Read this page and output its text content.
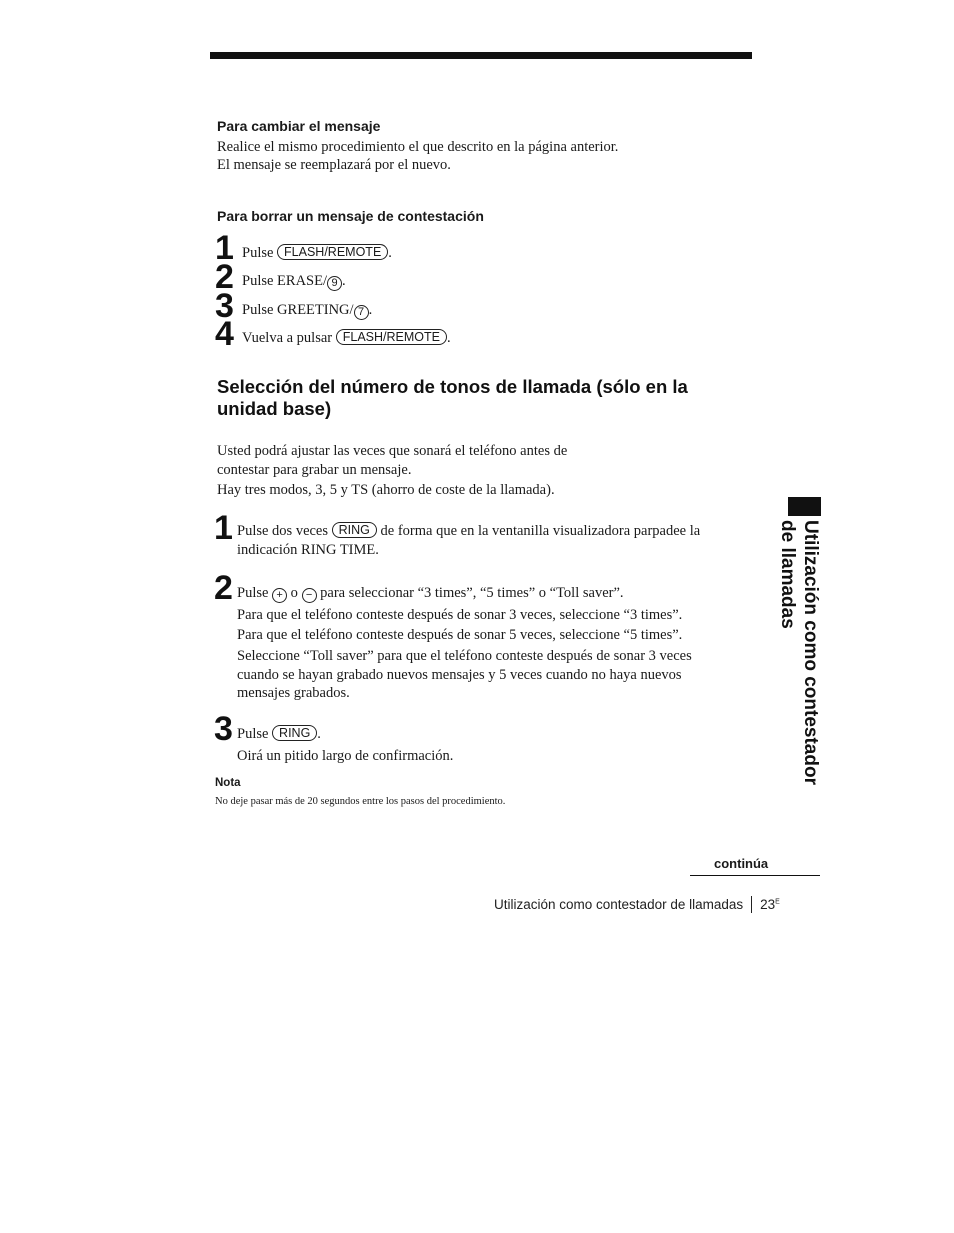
Para cambiar el mensaje
Realice el mismo procedimiento el que descrito en la página anterior.
El mensaje se reemplazará por el nuevo.
Para borrar un mensaje de contestación
1 Pulse FLASH/REMOTE .
2 Pulse ERASE/ 9 .
3 Pulse GREETING/ 7 .
4 Vuelva a pulsar FLASH/REMOTE .
Selección del número de tonos de llamada (sólo en la
unidad base)
Usted podrá ajustar las veces que sonará el teléfono antes de
contestar para grabar un mensaje.
Hay tres modos, 3, 5 y TS (ahorro de coste de la llamada).
1 Pulse dos veces RING de forma que en la ventanilla visualizadora parpadee la
indicación RING TIME.
2 Pulse + o − para seleccionar “3 times”, “5 times” o “Toll saver”.
Para que el teléfono conteste después de sonar 3 veces, seleccione “3 times”.
Para que el teléfono conteste después de sonar 5 veces, seleccione “5 times”.
Seleccione “Toll saver” para que el teléfono conteste después de sonar 3 veces
cuando se hayan grabado nuevos mensajes y 5 veces cuando no haya nuevos
mensajes grabados.
3 Pulse RING .
Oirá un pitido largo de confirmación.
Nota
No deje pasar más de 20 segundos entre los pasos del procedimiento.
Utilización como contestador
de llamadas
continúa
Utilización como contestador de llamadas $23^E$
